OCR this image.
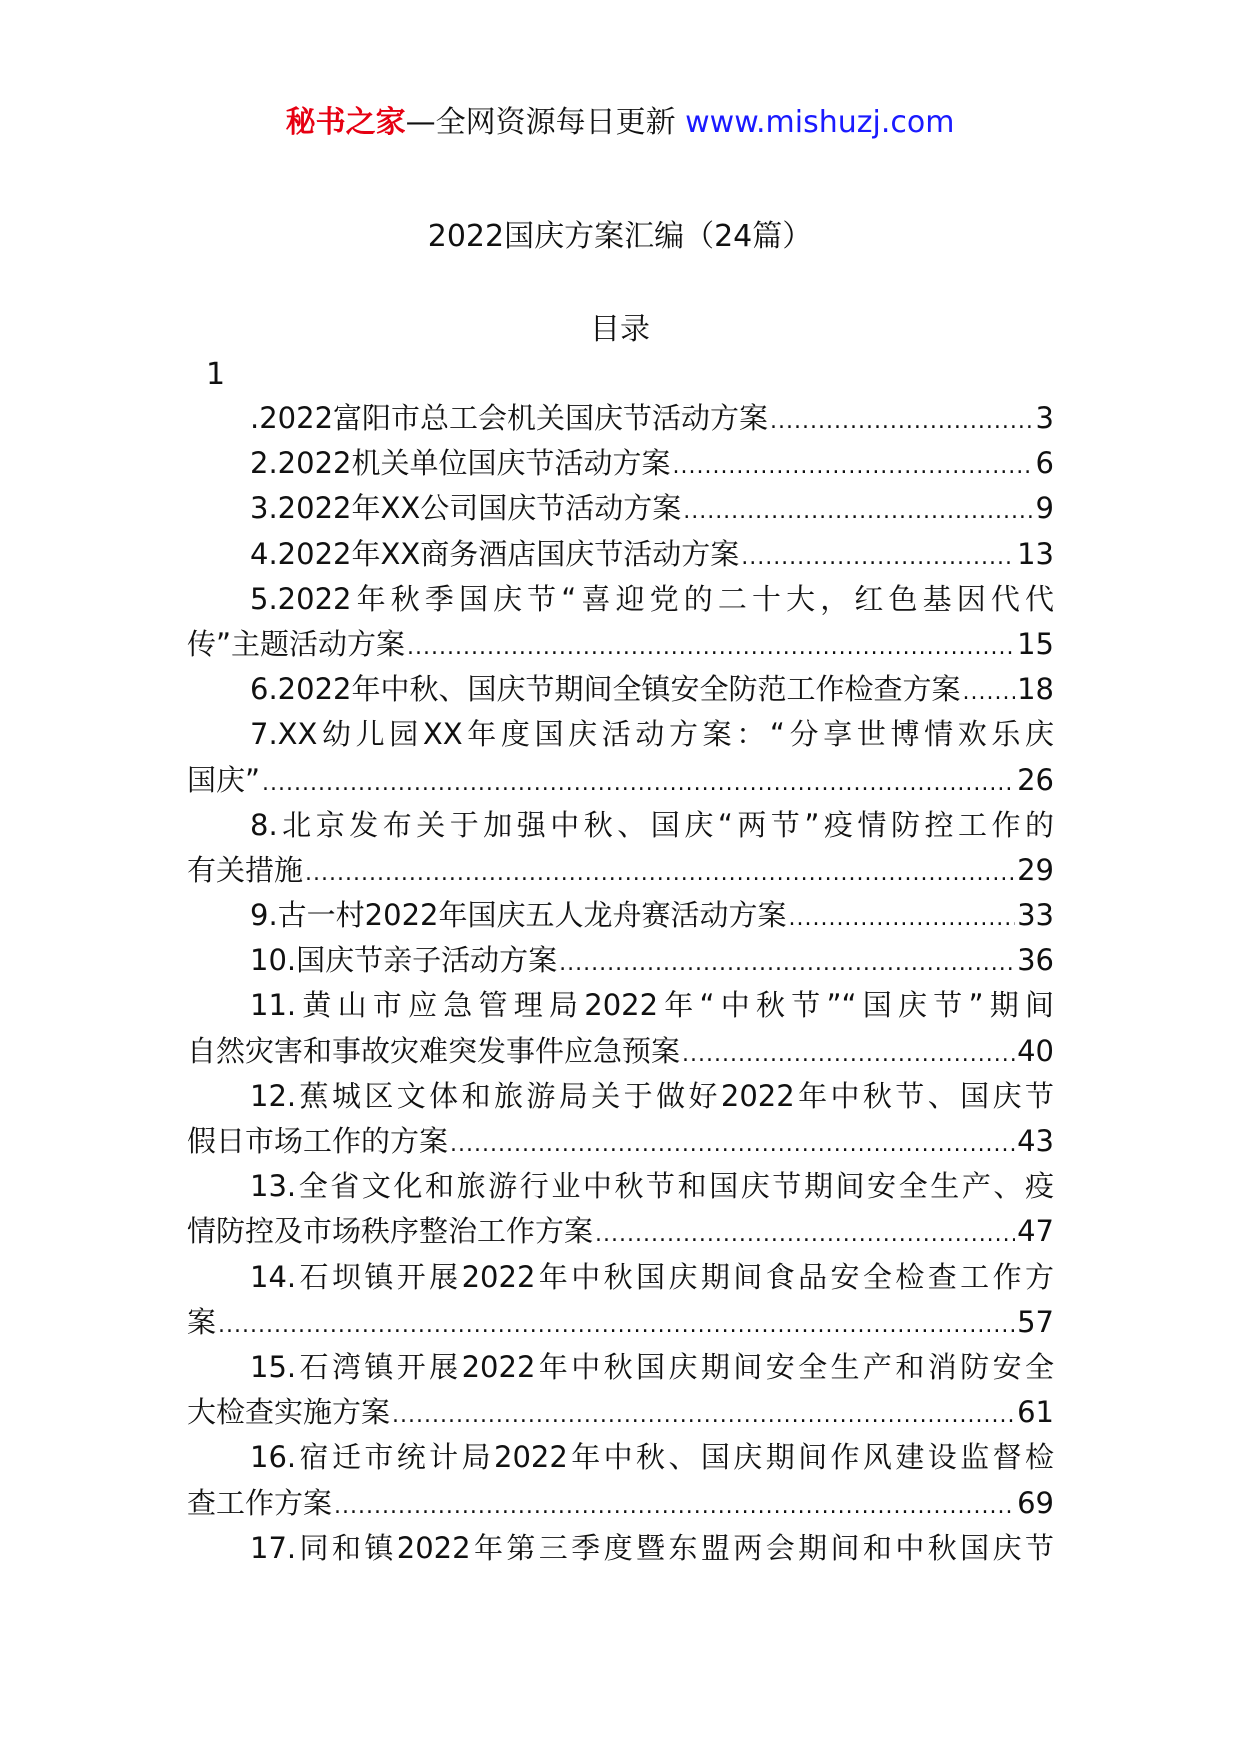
秘书之家—全网资源每日更新 www.mishuzj.com
2022国庆方案汇编（24篇）
目录
1
.2022富阳市总工会机关国庆节活动方案 .....	3
2.2022机关单位国庆节活动方案 .....	6
3.2022年XX公司国庆节活动方案 .....	9
4.2022年XX商务酒店国庆节活动方案 .....	13
5.2022年秋季国庆节“喜迎党的二十大，红色基因代代
传”主题活动方案 .....	15
6.2022年中秋、国庆节期间全镇安全防范工作检查方案 ..... 18
7.XX幼儿园XX年度国庆活动方案：“分享世博情欢乐庆
国庆” .....	26
8.北京发布关于加强中秋、国庆“两节”疫情防控工作的
有关措施 .....	29
9.古一村2022年国庆五人龙舟赛活动方案 .....	33
10.国庆节亲子活动方案 .....	36
11.黄山市应急管理局2022年“中秋节”“国庆节”期间
自然灾害和事故灾难突发事件应急预案 .....	40
12.蕉城区文体和旅游局关于做好2022年中秋节、国庆节
假日市场工作的方案 .....	43
13.全省文化和旅游行业中秋节和国庆节期间安全生产、疫
情防控及市场秩序整治工作方案 .....	47
14.石坝镇开展2022年中秋国庆期间食品安全检查工作方
案 .....	57
15.石湾镇开展2022年中秋国庆期间安全生产和消防安全
大检查实施方案 .....	61
16.宿迁市统计局2022年中秋、国庆期间作风建设监督检
查工作方案 .....	69
17.同和镇2022年第三季度暨东盟两会期间和中秋国庆节
